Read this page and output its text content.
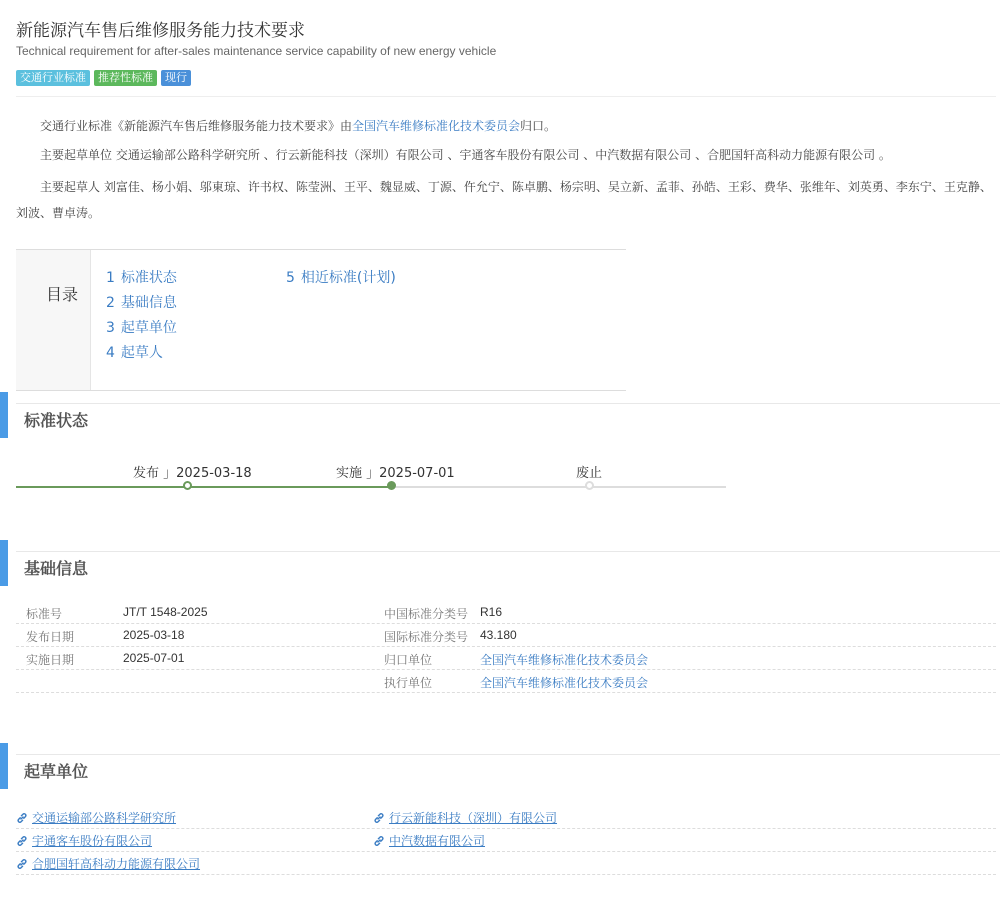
新能源汽车售后维修服务能力技术要求
Technical requirement for after-sales maintenance service capability of new energy vehicle
交通行业标准	推荐性标准	现行

交通行业标准《新能源汽车售后维修服务能力技术要求》由全国汽车维修标准化技术委员会归口。

主要起草单位 交通运输部公路科学研究所 、行云新能科技（深圳）有限公司 、宇通客车股份有限公司 、中汽数据有限公司 、合肥国轩高科动力能源有限公司 。

主要起草人 刘富佳、杨小娟、邬東琼、许书权、陈莹洲、王平、魏显威、丁源、仵允宁、陈卓鹏、杨宗明、吴立新、孟菲、孙皓、王彩、费华、张维年、刘英勇、李东宁、王克静、刘波、曹卓涛。

目录
1 标准状态
2 基础信息
3 起草单位
4 起草人
5 相近标准(计划)
标准状态
发布 」2025-03-18	实施 」2025-07-01	废止
基础信息
标准号	JT/T 1548-2025	中国标准分类号 R16
发布日期	2025-03-18	国际标准分类号 43.180
实施日期	2025-07-01	归口单位	全国汽车维修标准化技术委员会
执行单位	全国汽车维修标准化技术委员会
起草单位
交通运输部公路科学研究所	行云新能科技（深圳）有限公司
宇通客车股份有限公司	中汽数据有限公司
合肥国轩高科动力能源有限公司
